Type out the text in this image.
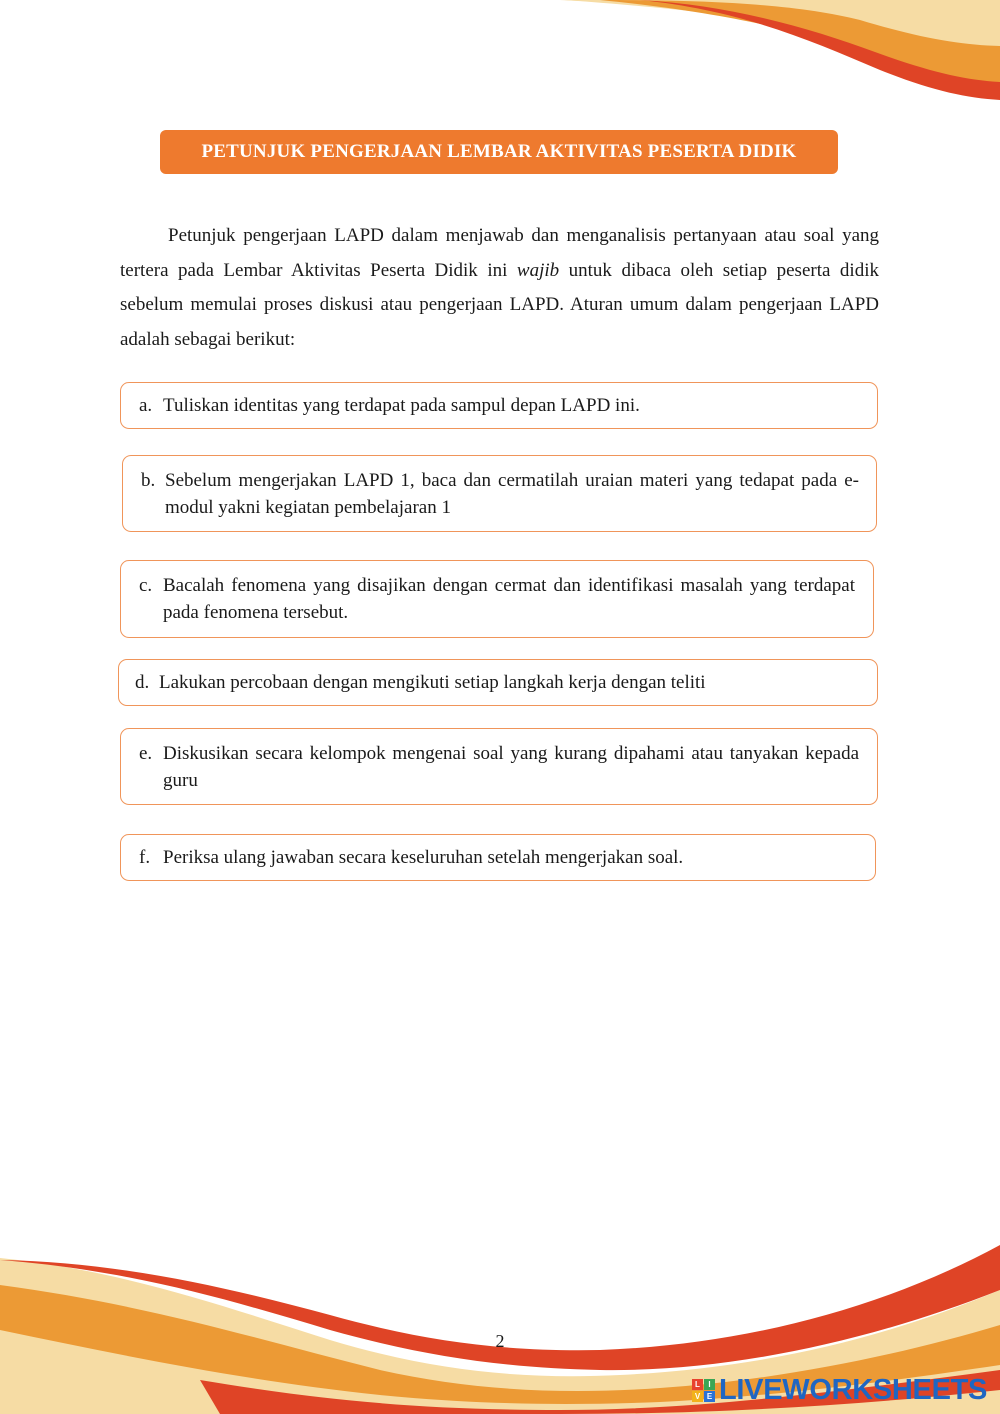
PETUNJUK PENGERJAAN LEMBAR AKTIVITAS PESERTA DIDIK

Petunjuk pengerjaan LAPD dalam menjawab dan menganalisis pertanyaan atau soal yang tertera pada Lembar Aktivitas Peserta Didik ini wajib untuk dibaca oleh setiap peserta didik sebelum memulai proses diskusi atau pengerjaan LAPD. Aturan umum dalam pengerjaan LAPD adalah sebagai berikut:

a. Tuliskan identitas yang terdapat pada sampul depan LAPD ini.
b. Sebelum mengerjakan LAPD 1, baca dan cermatilah uraian materi yang tedapat pada e-modul yakni kegiatan pembelajaran 1
c. Bacalah fenomena yang disajikan dengan cermat dan identifikasi masalah yang terdapat pada fenomena tersebut.
d. Lakukan percobaan dengan mengikuti setiap langkah kerja dengan teliti
e. Diskusikan secara kelompok mengenai soal yang kurang dipahami atau tanyakan kepada guru
f. Periksa ulang jawaban secara keseluruhan setelah mengerjakan soal.
2
L	I
V E LIVEWORKSHEETS
